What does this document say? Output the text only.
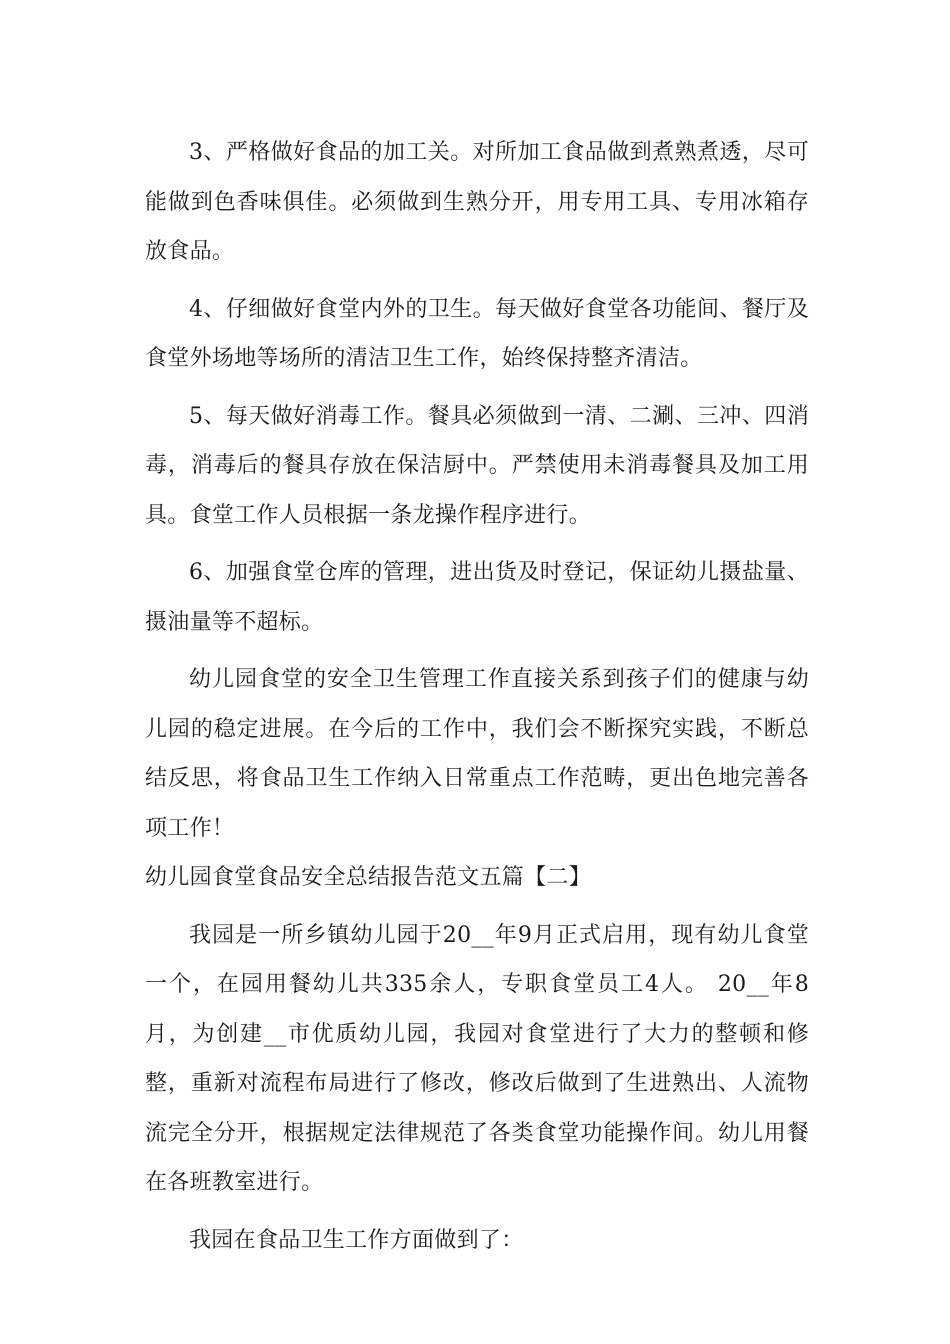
3、严格做好食品的加工关。对所加工食品做到煮熟煮透，尽可能做到色香味俱佳。必须做到生熟分开，用专用工具、专用冰箱存放食品。

4、仔细做好食堂内外的卫生。每天做好食堂各功能间、餐厅及食堂外场地等场所的清洁卫生工作，始终保持整齐清洁。

5、每天做好消毒工作。餐具必须做到一清、二涮、三冲、四消毒，消毒后的餐具存放在保洁厨中。严禁使用未消毒餐具及加工用具。食堂工作人员根据一条龙操作程序进行。

6、加强食堂仓库的管理，进出货及时登记，保证幼儿摄盐量、摄油量等不超标。

幼儿园食堂的安全卫生管理工作直接关系到孩子们的健康与幼儿园的稳定进展。在今后的工作中，我们会不断探究实践，不断总结反思，将食品卫生工作纳入日常重点工作范畴，更出色地完善各项工作！

幼儿园食堂食品安全总结报告范文五篇【二】

我园是一所乡镇幼儿园于20__年9月正式启用，现有幼儿食堂一个，在园用餐幼儿共335余人，专职食堂员工4人。 20__年8月，为创建__市优质幼儿园，我园对食堂进行了大力的整顿和修整，重新对流程布局进行了修改，修改后做到了生进熟出、人流物流完全分开，根据规定法律规范了各类食堂功能操作间。幼儿用餐在各班教室进行。

我园在食品卫生工作方面做到了：
